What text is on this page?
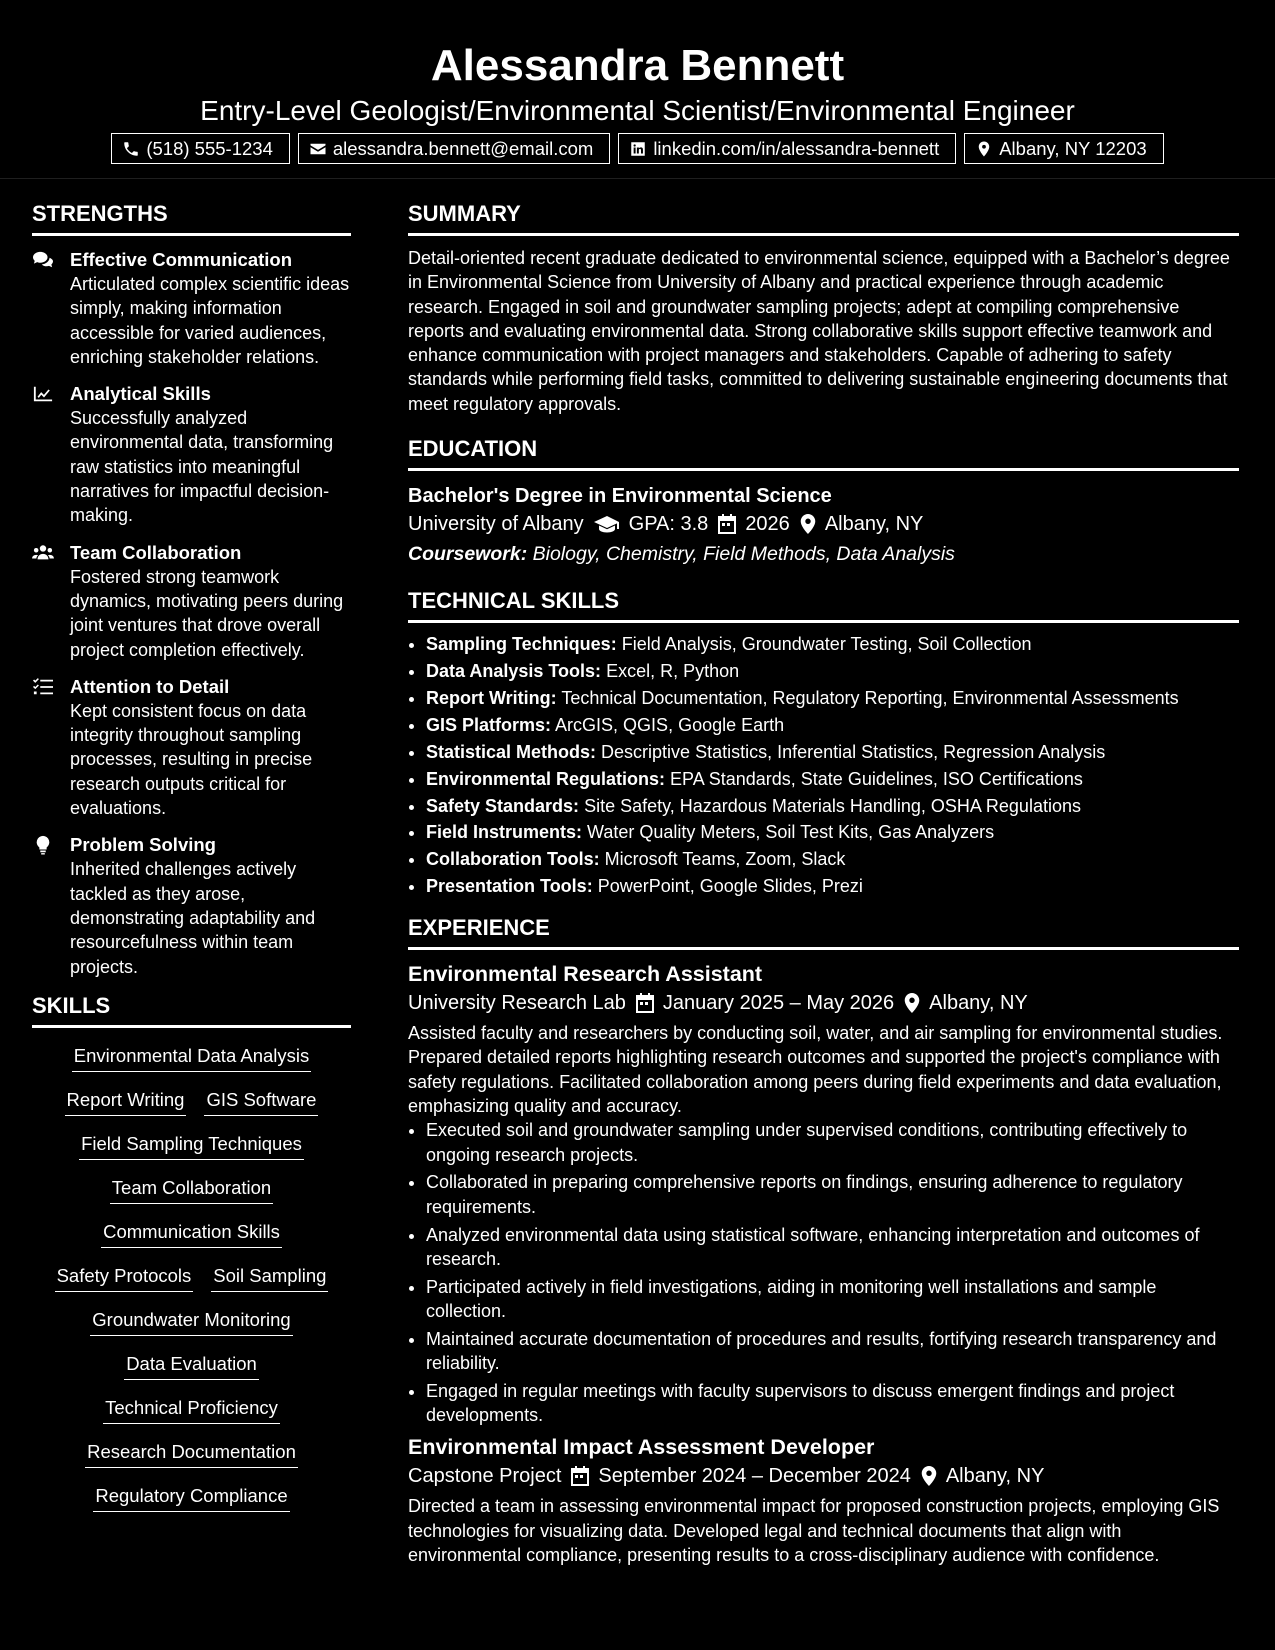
Alessandra Bennett
Entry-Level Geologist/Environmental Scientist/Environmental Engineer
(518) 555-1234	alessandra.bennett@email.com	linkedin.com/in/alessandra-bennett	Albany, NY 12203
STRENGTHS
Effective Communication
Articulated complex scientific ideas simply, making information accessible for varied audiences, enriching stakeholder relations.
Analytical Skills
Successfully analyzed environmental data, transforming raw statistics into meaningful narratives for impactful decision-making.
Team Collaboration
Fostered strong teamwork dynamics, motivating peers during joint ventures that drove overall project completion effectively.
Attention to Detail
Kept consistent focus on data integrity throughout sampling processes, resulting in precise research outputs critical for evaluations.
Problem Solving
Inherited challenges actively tackled as they arose, demonstrating adaptability and resourcefulness within team projects.
SKILLS
Environmental Data Analysis
Report Writing GIS Software
Field Sampling Techniques
Team Collaboration
Communication Skills
Safety Protocols Soil Sampling
Groundwater Monitoring
Data Evaluation
Technical Proficiency
Research Documentation
Regulatory Compliance
SUMMARY
Detail-oriented recent graduate dedicated to environmental science, equipped with a Bachelor’s degree in Environmental Science from University of Albany and practical experience through academic research. Engaged in soil and groundwater sampling projects; adept at compiling comprehensive reports and evaluating environmental data. Strong collaborative skills support effective teamwork and enhance communication with project managers and stakeholders. Capable of adhering to safety standards while performing field tasks, committed to delivering sustainable engineering documents that meet regulatory approvals.
EDUCATION
Bachelor's Degree in Environmental Science
University of Albany GPA: 3.8 2026 Albany, NY
Coursework: Biology, Chemistry, Field Methods, Data Analysis
TECHNICAL SKILLS
• Sampling Techniques: Field Analysis, Groundwater Testing, Soil Collection
• Data Analysis Tools: Excel, R, Python
• Report Writing: Technical Documentation, Regulatory Reporting, Environmental Assessments
• GIS Platforms: ArcGIS, QGIS, Google Earth
• Statistical Methods: Descriptive Statistics, Inferential Statistics, Regression Analysis
• Environmental Regulations: EPA Standards, State Guidelines, ISO Certifications
• Safety Standards: Site Safety, Hazardous Materials Handling, OSHA Regulations
• Field Instruments: Water Quality Meters, Soil Test Kits, Gas Analyzers
• Collaboration Tools: Microsoft Teams, Zoom, Slack
• Presentation Tools: PowerPoint, Google Slides, Prezi
EXPERIENCE
Environmental Research Assistant
University Research Lab January 2025 – May 2026 Albany, NY
Assisted faculty and researchers by conducting soil, water, and air sampling for environmental studies. Prepared detailed reports highlighting research outcomes and supported the project's compliance with safety regulations. Facilitated collaboration among peers during field experiments and data evaluation, emphasizing quality and accuracy.
• Executed soil and groundwater sampling under supervised conditions, contributing effectively to ongoing research projects.
• Collaborated in preparing comprehensive reports on findings, ensuring adherence to regulatory requirements.
• Analyzed environmental data using statistical software, enhancing interpretation and outcomes of research.
• Participated actively in field investigations, aiding in monitoring well installations and sample collection.
• Maintained accurate documentation of procedures and results, fortifying research transparency and reliability.
• Engaged in regular meetings with faculty supervisors to discuss emergent findings and project developments.
Environmental Impact Assessment Developer
Capstone Project September 2024 – December 2024 Albany, NY
Directed a team in assessing environmental impact for proposed construction projects, employing GIS technologies for visualizing data. Developed legal and technical documents that align with environmental compliance, presenting results to a cross-disciplinary audience with confidence.
